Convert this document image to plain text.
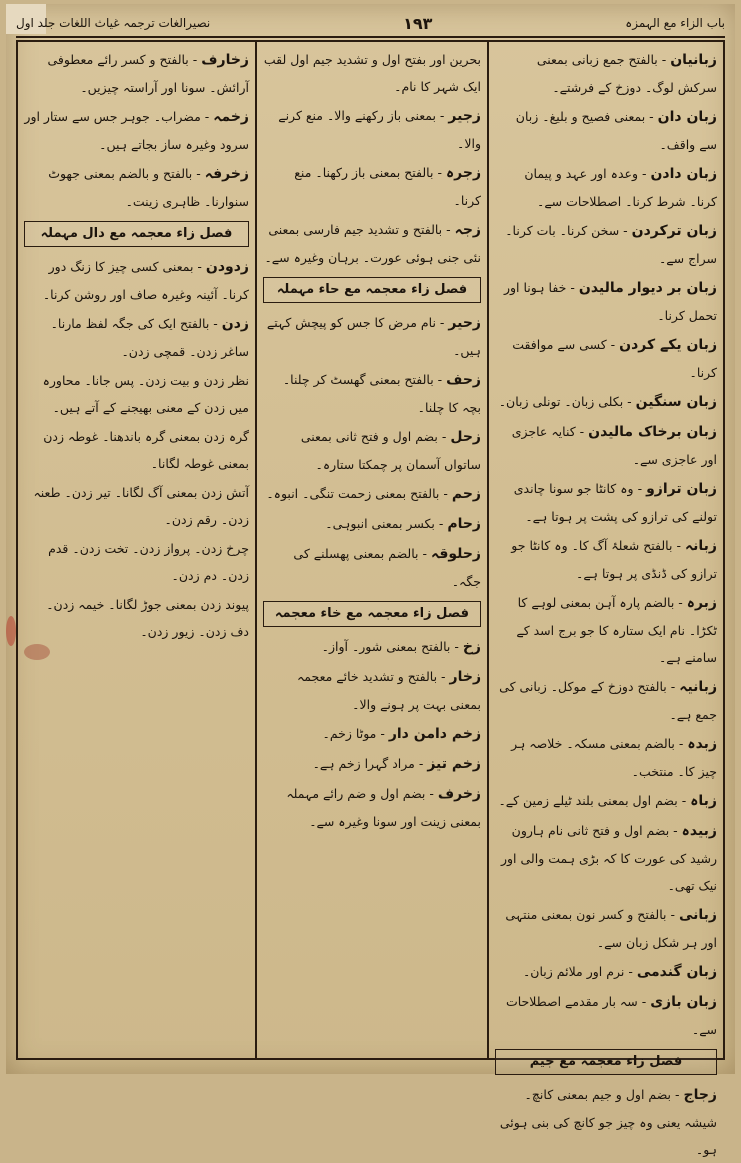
باب الزاء مع الہمزہ
۱۹۳
نصیرالغات ترجمہ غیاث اللغات جلد اول
زبانیان - بالفتح جمع زبانی بمعنی سرکش لوگ۔ دوزخ کے فرشتے۔
زبان دان - بمعنی فصیح و بلیغ۔ زبان سے واقف۔
زبان دادن - وعدہ اور عہد و پیمان کرنا۔ شرط کرنا۔ اصطلاحات سے۔
زبان ترکردن - سخن کرنا۔ بات کرنا۔ سراج سے۔
زبان بر دیوار مالیدن - خفا ہونا اور تحمل کرنا۔
زبان یکے کردن - کسی سے موافقت کرنا۔
زبان سنگین - بکلی زبان۔ تونلی زبان۔
زبان برخاک مالیدن - کنایہ عاجزی اور عاجزی سے۔
زبان ترازو - وہ کانٹا جو سونا چاندی تولنے کی ترازو کی پشت پر ہوتا ہے۔
زبانہ - بالفتح شعلۂ آگ کا۔ وہ کانٹا جو ترازو کی ڈنڈی پر ہوتا ہے۔
زبرہ - بالضم پارہ آہن بمعنی لوہے کا ٹکڑا۔ نام ایک ستارہ کا جو برج اسد کے سامنے ہے۔
زبانیہ - بالفتح دوزخ کے موکل۔ زبانی کی جمع ہے۔
زبدہ - بالضم بمعنی مسکہ۔ خلاصہ ہر چیز کا۔ منتخب۔
زباہ - بضم اول بمعنی بلند ٹیلے زمین کے۔
زبیدہ - بضم اول و فتح ثانی نام ہارون رشید کی عورت کا کہ بڑی ہمت والی اور نیک تھی۔
زبانی - بالفتح و کسر نون بمعنی منتہی اور ہر شکل زبان سے۔
زبان گندمی - نرم اور ملائم زبان۔
زبان بازی - سہ بار مقدمے اصطلاحات سے۔
فصل زاء معجمہ مع جیم
زجاج - بضم اول و جیم بمعنی کانچ۔ شیشہ یعنی وہ چیز جو کانچ کی بنی ہوئی ہو۔
بحرین اور بفتح اول و تشدید جیم اول لقب ایک شہر کا نام۔
زجیر - بمعنی باز رکھنے والا۔ منع کرنے والا۔
زجرہ - بالفتح بمعنی باز رکھنا۔ منع کرنا۔
زجہ - بالفتح و تشدید جیم فارسی بمعنی نئی جنی ہوئی عورت۔ برہان وغیرہ سے۔
فصل زاء معجمہ مع حاء مہملہ
زحیر - نام مرض کا جس کو پیچش کہتے ہیں۔
زحف - بالفتح بمعنی گھسٹ کر چلنا۔ بچہ کا چلنا۔
زحل - بضم اول و فتح ثانی بمعنی ساتواں آسمان پر چمکتا ستارہ۔
زحم - بالفتح بمعنی زحمت تنگی۔ انبوہ۔
زحام - بکسر بمعنی انبوہی۔
زحلوقہ - بالضم بمعنی پھسلنے کی جگہ۔
فصل زاء معجمہ مع خاء معجمہ
زخ - بالفتح بمعنی شور۔ آواز۔
زخار - بالفتح و تشدید خائے معجمہ بمعنی بہت پر ہونے والا۔
زخم دامن دار - موٹا زخم۔
زخم تیز - مراد گہرا زخم ہے۔
زخرف - بضم اول و ضم رائے مہملہ بمعنی زینت اور سونا وغیرہ سے۔
زخارف - بالفتح و کسر رائے معطوفی آرائش۔ سونا اور آراستہ چیزیں۔
زخمہ - مضراب۔ جوہر جس سے ستار اور سرود وغیرہ ساز بجاتے ہیں۔
زخرفہ - بالفتح و بالضم بمعنی جھوٹ سنوارنا۔ ظاہری زینت۔
فصل زاء معجمہ مع دال مہملہ
زدودن - بمعنی کسی چیز کا زنگ دور کرنا۔ آئینہ وغیرہ صاف اور روشن کرنا۔
زدن - بالفتح ایک کی جگہ لفظ مارنا۔ ساغر زدن۔ قمچی زدن۔
نظر زدن و بیت زدن۔ پس جانا۔ محاورہ میں زدن کے معنی بھیجنے کے آتے ہیں۔
گرہ زدن بمعنی گرہ باندھنا۔ غوطہ زدن بمعنی غوطہ لگانا۔
آتش زدن بمعنی آگ لگانا۔ تیر زدن۔ طعنہ زدن۔ رقم زدن۔
چرخ زدن۔ پرواز زدن۔ تخت زدن۔ قدم زدن۔ دم زدن۔
پیوند زدن بمعنی جوڑ لگانا۔ خیمہ زدن۔ دف زدن۔ زیور زدن۔
